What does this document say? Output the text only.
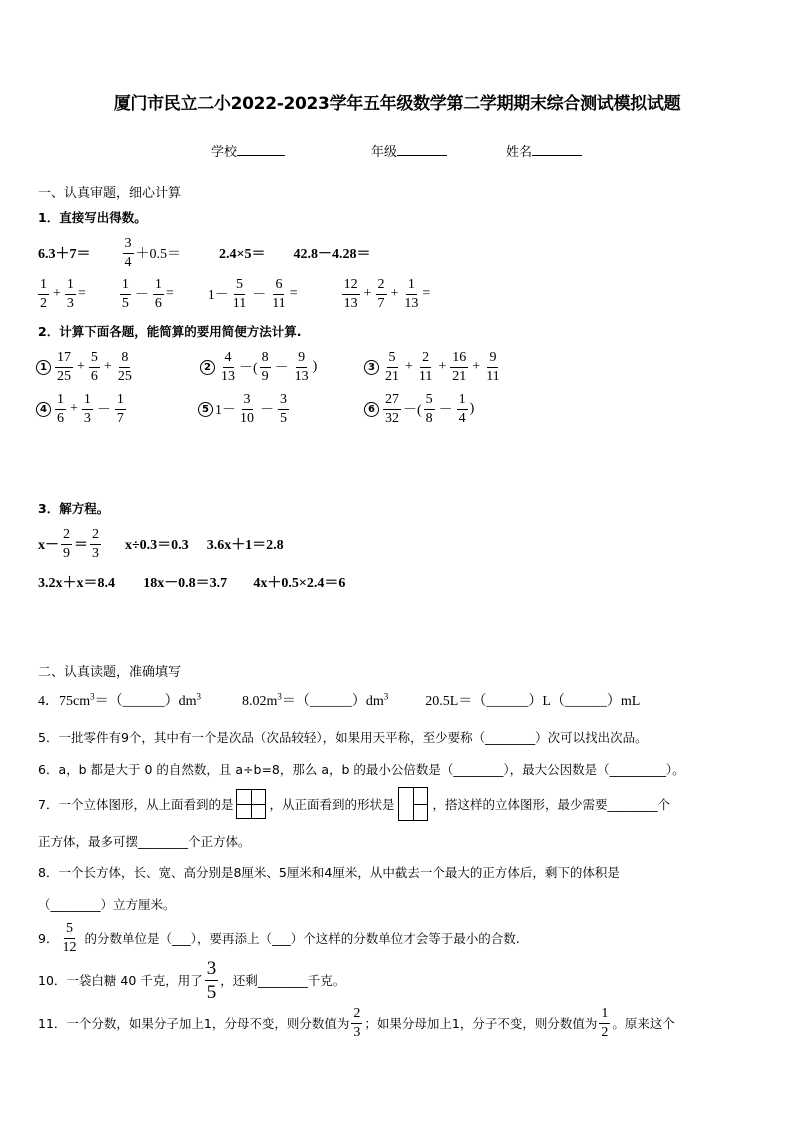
厦门市民立二小2022-2023学年五年级数学第二学期期末综合测试模拟试题
学校	年级	姓名
一、认真审题，细心计算
1．直接写出得数。
$6.3+7= \frac{3}{4} +0.5=$	2.4×5＝ 42.8－4.28＝
$\frac{1}{2} + \frac{1}{3} = \frac{1}{5} - \frac{1}{6} = 1- \frac{5}{11} - \frac{6}{11}$ =	$\frac{12}{13} + \frac{2}{7} + \frac{1}{13}$ =
2．计算下面各题，能简算的要用简便方法计算.
$1 \frac{17}{25} + \frac{5}{6} + \frac{8}{25}$	$2 \frac{4}{13}$ －( $\frac{8}{9} - \frac{9}{13}$ )	$3 \frac{5}{21} + \frac{2}{11} + \frac{16}{21} + \frac{9}{11}$
$4 \frac{1}{6} + \frac{1}{3} - \frac{1}{7}$	5 $1- \frac{3}{10} - \frac{3}{5}$	$6 \frac{27}{32}$ －( $\frac{5}{8} - \frac{1}{4}$ )
3．解方程。
$x- \frac{2}{9} = \frac{2}{3} x\div 0.3=0.3$ 3.6x＋1＝2.8
3.2x＋x＝8.4 18x－0.8＝3.7 4x＋0.5×2.4＝6
二、认真读题，准确填写
4．$75cm^3=(\_\_\_\_\_\_)dm^3$	$8.02m^3=(\_\_\_\_\_\_)dm^3$	20.5L＝（______）L（______）mL
5．一批零件有9个，其中有一个是次品（次品较轻），如果用天平称，至少要称（________）次可以找出次品。
6．a，b 都是大于 0 的自然数，且 a÷b=8，那么 a，b 的最小公倍数是（________），最大公因数是（_________）。
7．一个立体图形，从上面看到的是	，从正面看到的形状是	，搭这样的立体图形，最少需要________个
正方体，最多可摆________个正方体。
8．一个长方体，长、宽、高分别是8厘米、5厘米和4厘米，从中截去一个最大的正方体后，剩下的体积是
（________）立方厘米。
9． $\frac{5}{12}$ 的分数单位是（___），要再添上（___）个这样的分数单位才会等于最小的合数.
10．一袋白糖 40 千克，用了 $\frac{3}{5}$ ，还剩________千克。
11．一个分数，如果分子加上1，分母不变，则分数值为 $\frac{2}{3}$ ；如果分母加上1，分子不变，则分数值为 $\frac{1}{2}$ 。原来这个
